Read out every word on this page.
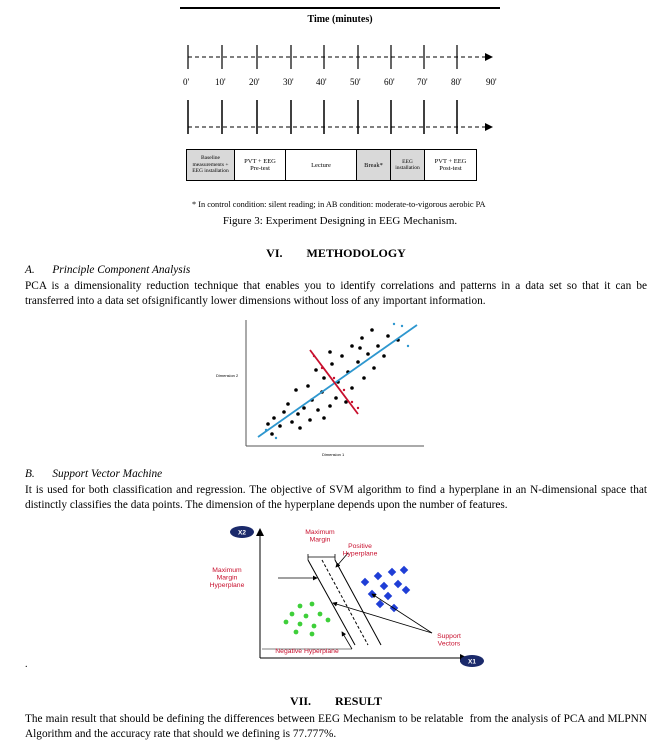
Time (minutes)
0'	10'	20'	30' 40'	50'	60' 70'	80'	90'
Baseline measurements + EEG installation
PVT + EEG Pre-test	Lecture	Break*	EEG installation
PVT + EEG Post-test
* In control condition: silent reading; in AB condition: moderate-to-vigorous aerobic PA
Figure 3: Experiment Designing in EEG Mechanism.
VI. METHODOLOGY
A. Principle Component Analysis
PCA is a dimensionality reduction technique that enables you to identify correlations and patterns in a data set so that it can be transferred into a data set ofsignificantly lower dimensions without loss of any important information.
Dimension 2
Dimension 1
B. Support Vector Machine
It is used for both classification and regression. The objective of SVM algorithm to find a hyperplane in an N-dimensional space that distinctly classifies the data points. The dimension of the hyperplane depends upon the number of features.
X2
X1
Maximum Margin
Positive Hyperplane
Maximum Margin Hyperplane
Support Vectors
Negative Hyperplane
.
VII. RESULT
The main result that should be defining the differences between EEG Mechanism to be relatable  from the analysis of PCA and MLPNN Algorithm and the accuracy rate that should we defining is 77.777%.
